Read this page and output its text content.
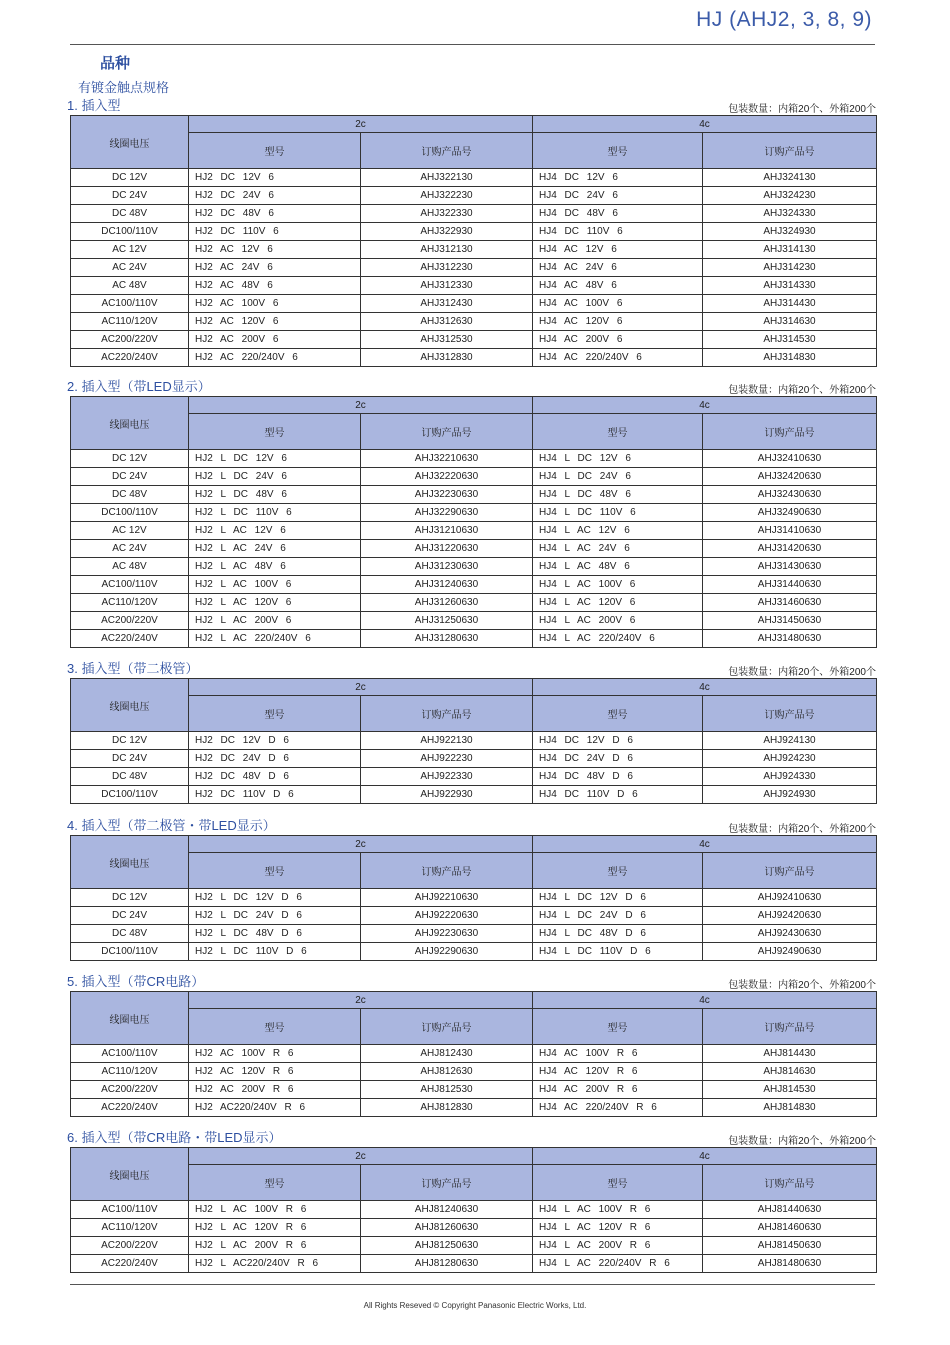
HJ (AHJ2, 3, 8, 9)
品种
有镀金触点规格
1. 插入型	包装数量：内箱20个、外箱200个
线圈电压	2c		4c	
	型号	订购产品号	型号	订购产品号
DC 12V	HJ2 DC 12V 6	AHJ322130	HJ4 DC 12V 6	AHJ324130
DC 24V	HJ2 DC 24V 6	AHJ322230	HJ4 DC 24V 6	AHJ324230
DC 48V	HJ2 DC 48V 6	AHJ322330	HJ4 DC 48V 6	AHJ324330
DC100/110V	HJ2 DC 110V 6	AHJ322930	HJ4 DC 110V 6	AHJ324930
AC 12V	HJ2 AC 12V 6	AHJ312130	HJ4 AC 12V 6	AHJ314130
AC 24V	HJ2 AC 24V 6	AHJ312230	HJ4 AC 24V 6	AHJ314230
AC 48V	HJ2 AC 48V 6	AHJ312330	HJ4 AC 48V 6	AHJ314330
AC100/110V	HJ2 AC 100V 6	AHJ312430	HJ4 AC 100V 6	AHJ314430
AC110/120V	HJ2 AC 120V 6	AHJ312630	HJ4 AC 120V 6	AHJ314630
AC200/220V	HJ2 AC 200V 6	AHJ312530	HJ4 AC 200V 6	AHJ314530
AC220/240V	HJ2 AC 220/240V 6	AHJ312830	HJ4 AC 220/240V 6	AHJ314830
2. 插入型（带LED显示）	包装数量：内箱20个、外箱200个
线圈电压	2c		4c	
	型号	订购产品号	型号	订购产品号
DC 12V	HJ2 L DC 12V 6	AHJ32210630	HJ4 L DC 12V 6	AHJ32410630
DC 24V	HJ2 L DC 24V 6	AHJ32220630	HJ4 L DC 24V 6	AHJ32420630
DC 48V	HJ2 L DC 48V 6	AHJ32230630	HJ4 L DC 48V 6	AHJ32430630
DC100/110V	HJ2 L DC 110V 6	AHJ32290630	HJ4 L DC 110V 6	AHJ32490630
AC 12V	HJ2 L AC 12V 6	AHJ31210630	HJ4 L AC 12V 6	AHJ31410630
AC 24V	HJ2 L AC 24V 6	AHJ31220630	HJ4 L AC 24V 6	AHJ31420630
AC 48V	HJ2 L AC 48V 6	AHJ31230630	HJ4 L AC 48V 6	AHJ31430630
AC100/110V	HJ2 L AC 100V 6	AHJ31240630	HJ4 L AC 100V 6	AHJ31440630
AC110/120V	HJ2 L AC 120V 6	AHJ31260630	HJ4 L AC 120V 6	AHJ31460630
AC200/220V	HJ2 L AC 200V 6	AHJ31250630	HJ4 L AC 200V 6	AHJ31450630
AC220/240V	HJ2 L AC 220/240V 6	AHJ31280630	HJ4 L AC 220/240V 6	AHJ31480630
3. 插入型（带二极管）	包装数量：内箱20个、外箱200个
线圈电压	2c		4c	
	型号	订购产品号	型号	订购产品号
DC 12V	HJ2 DC 12V D 6	AHJ922130	HJ4 DC 12V D 6	AHJ924130
DC 24V	HJ2 DC 24V D 6	AHJ922230	HJ4 DC 24V D 6	AHJ924230
DC 48V	HJ2 DC 48V D 6	AHJ922330	HJ4 DC 48V D 6	AHJ924330
DC100/110V	HJ2 DC 110V D 6	AHJ922930	HJ4 DC 110V D 6	AHJ924930
4. 插入型（带二极管・带LED显示）	包装数量：内箱20个、外箱200个
线圈电压	2c		4c	
	型号	订购产品号	型号	订购产品号
DC 12V	HJ2 L DC 12V D 6	AHJ92210630	HJ4 L DC 12V D 6	AHJ92410630
DC 24V	HJ2 L DC 24V D 6	AHJ92220630	HJ4 L DC 24V D 6	AHJ92420630
DC 48V	HJ2 L DC 48V D 6	AHJ92230630	HJ4 L DC 48V D 6	AHJ92430630
DC100/110V	HJ2 L DC 110V D 6	AHJ92290630	HJ4 L DC 110V D 6	AHJ92490630
5. 插入型（带CR电路）	包装数量：内箱20个、外箱200个
线圈电压	2c		4c	
	型号	订购产品号	型号	订购产品号
AC100/110V	HJ2 AC 100V R 6	AHJ812430	HJ4 AC 100V R 6	AHJ814430
AC110/120V	HJ2 AC 120V R 6	AHJ812630	HJ4 AC 120V R 6	AHJ814630
AC200/220V	HJ2 AC 200V R 6	AHJ812530	HJ4 AC 200V R 6	AHJ814530
AC220/240V	HJ2 AC220/240V R 6	AHJ812830	HJ4 AC 220/240V R 6	AHJ814830
6. 插入型（带CR电路・带LED显示）	包装数量：内箱20个、外箱200个
线圈电压	2c		4c	
	型号	订购产品号	型号	订购产品号
AC100/110V	HJ2 L AC 100V R 6	AHJ81240630	HJ4 L AC 100V R 6	AHJ81440630
AC110/120V	HJ2 L AC 120V R 6	AHJ81260630	HJ4 L AC 120V R 6	AHJ81460630
AC200/220V	HJ2 L AC 200V R 6	AHJ81250630	HJ4 L AC 200V R 6	AHJ81450630
AC220/240V	HJ2 L AC220/240V R 6	AHJ81280630	HJ4 L AC 220/240V R 6	AHJ81480630
All Rights Reseved © Copyright Panasonic Electric Works, Ltd.
